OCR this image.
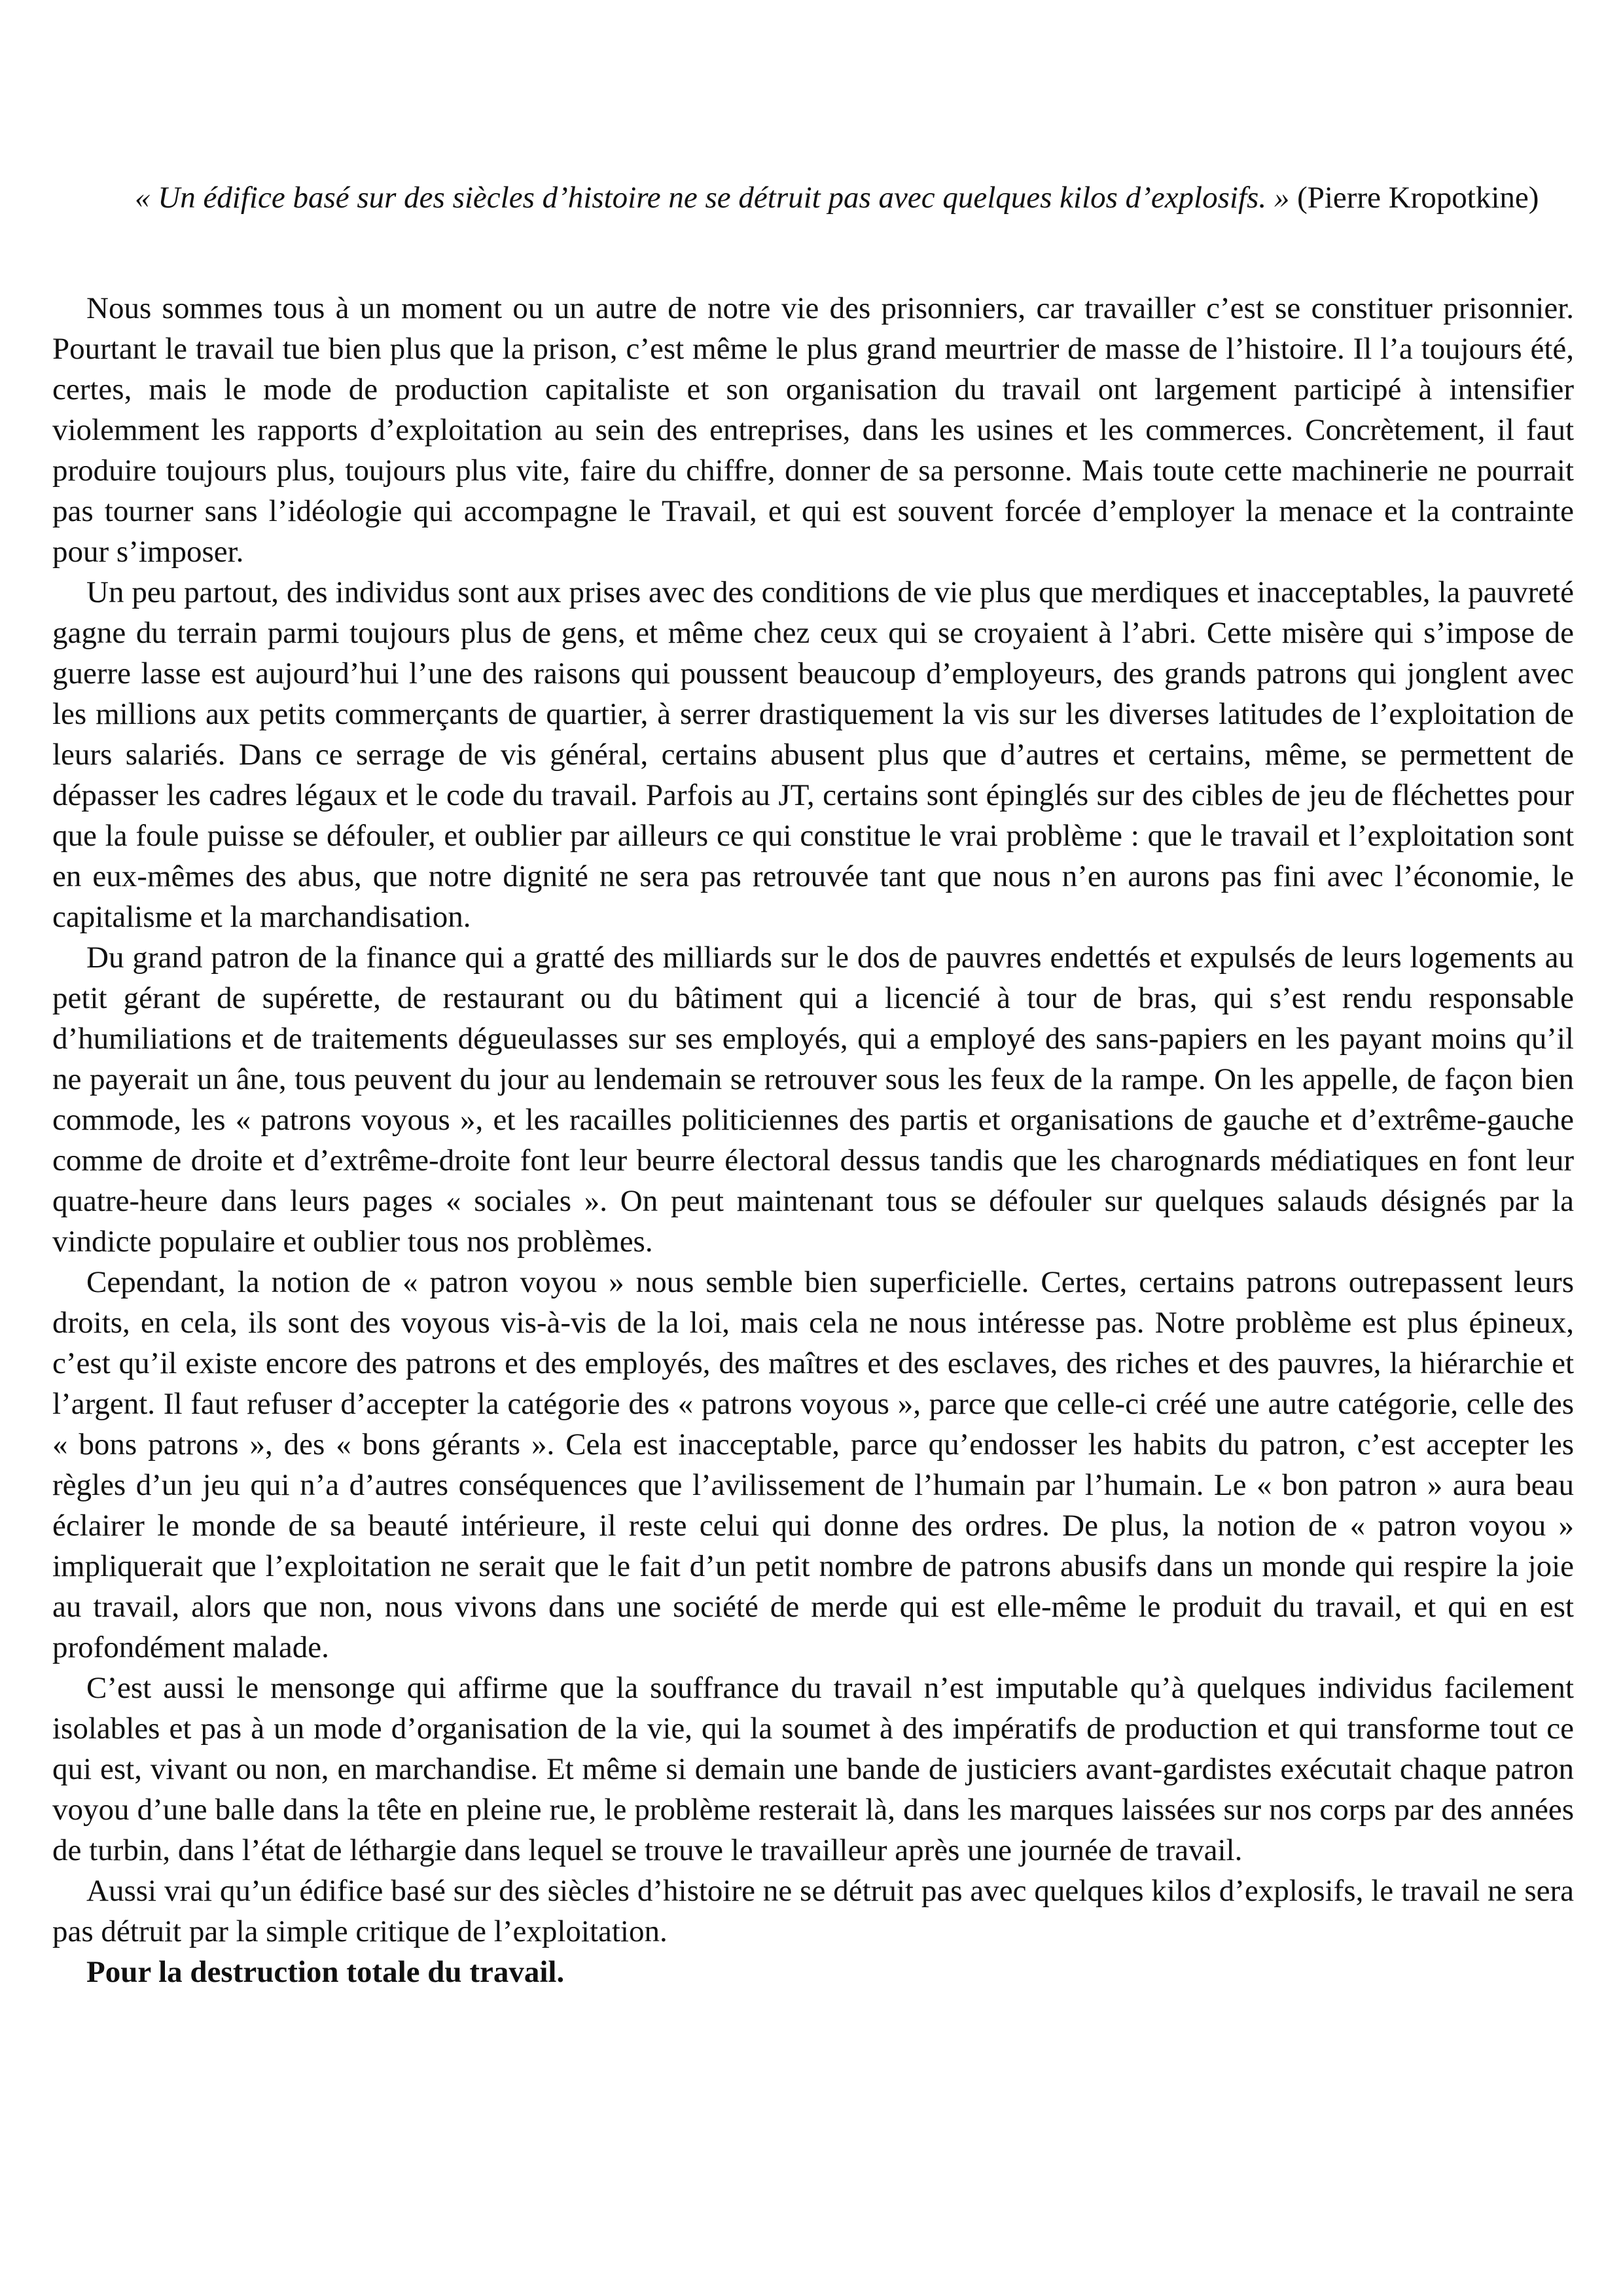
« Un édifice basé sur des siècles d’histoire ne se détruit pas avec quelques kilos d’explosifs. » (Pierre Kropotkine)

Nous sommes tous à un moment ou un autre de notre vie des prisonniers, car travailler c’est se constituer prisonnier. Pourtant le travail tue bien plus que la prison, c’est même le plus grand meurtrier de masse de l’histoire. Il l’a toujours été, certes, mais le mode de production capitaliste et son organisation du travail ont largement participé à intensifier violemment les rapports d’exploitation au sein des entreprises, dans les usines et les commerces. Concrètement, il faut produire toujours plus, toujours plus vite, faire du chiffre, donner de sa personne. Mais toute cette machinerie ne pourrait pas tourner sans l’idéologie qui accompagne le Travail, et qui est souvent forcée d’employer la menace et la contrainte pour s’imposer.

Un peu partout, des individus sont aux prises avec des conditions de vie plus que merdiques et inacceptables, la pauvreté gagne du terrain parmi toujours plus de gens, et même chez ceux qui se croyaient à l’abri. Cette misère qui s’impose de guerre lasse est aujourd’hui l’une des raisons qui poussent beaucoup d’employeurs, des grands patrons qui jonglent avec les millions aux petits commerçants de quartier, à serrer drastiquement la vis sur les diverses latitudes de l’exploitation de leurs salariés. Dans ce serrage de vis général, certains abusent plus que d’autres et certains, même, se permettent de dépasser les cadres légaux et le code du travail. Parfois au JT, certains sont épinglés sur des cibles de jeu de fléchettes pour que la foule puisse se défouler, et oublier par ailleurs ce qui constitue le vrai problème : que le travail et l’exploitation sont en eux-mêmes des abus, que notre dignité ne sera pas retrouvée tant que nous n’en aurons pas fini avec l’économie, le capitalisme et la marchandisation.

Du grand patron de la finance qui a gratté des milliards sur le dos de pauvres endettés et expulsés de leurs logements au petit gérant de supérette, de restaurant ou du bâtiment qui a licencié à tour de bras, qui s’est rendu responsable d’humiliations et de traitements dégueulasses sur ses employés, qui a employé des sans-papiers en les payant moins qu’il ne payerait un âne, tous peuvent du jour au lendemain se retrouver sous les feux de la rampe. On les appelle, de façon bien commode, les « patrons voyous », et les racailles politiciennes des partis et organisations de gauche et d’extrême-gauche comme de droite et d’extrême-droite font leur beurre électoral dessus tandis que les charognards médiatiques en font leur quatre-heure dans leurs pages « sociales ». On peut maintenant tous se défouler sur quelques salauds désignés par la vindicte populaire et oublier tous nos problèmes.

Cependant, la notion de « patron voyou » nous semble bien superficielle. Certes, certains patrons outrepassent leurs droits, en cela, ils sont des voyous vis-à-vis de la loi, mais cela ne nous intéresse pas. Notre problème est plus épineux, c’est qu’il existe encore des patrons et des employés, des maîtres et des esclaves, des riches et des pauvres, la hiérarchie et l’argent. Il faut refuser d’accepter la catégorie des « patrons voyous », parce que celle-ci créé une autre catégorie, celle des « bons patrons », des « bons gérants ». Cela est inacceptable, parce qu’endosser les habits du patron, c’est accepter les règles d’un jeu qui n’a d’autres conséquences que l’avilissement de l’humain par l’humain. Le « bon patron » aura beau éclairer le monde de sa beauté intérieure, il reste celui qui donne des ordres. De plus, la notion de « patron voyou » impliquerait que l’exploitation ne serait que le fait d’un petit nombre de patrons abusifs dans un monde qui respire la joie au travail, alors que non, nous vivons dans une société de merde qui est elle-même le produit du travail, et qui en est profondément malade.

C’est aussi le mensonge qui affirme que la souffrance du travail n’est imputable qu’à quelques individus facilement isolables et pas à un mode d’organisation de la vie, qui la soumet à des impératifs de production et qui transforme tout ce qui est, vivant ou non, en marchandise. Et même si demain une bande de justiciers avant-gardistes exécutait chaque patron voyou d’une balle dans la tête en pleine rue, le problème resterait là, dans les marques laissées sur nos corps par des années de turbin, dans l’état de léthargie dans lequel se trouve le travailleur après une journée de travail.

Aussi vrai qu’un édifice basé sur des siècles d’histoire ne se détruit pas avec quelques kilos d’explosifs, le travail ne sera pas détruit par la simple critique de l’exploitation.

Pour la destruction totale du travail.
